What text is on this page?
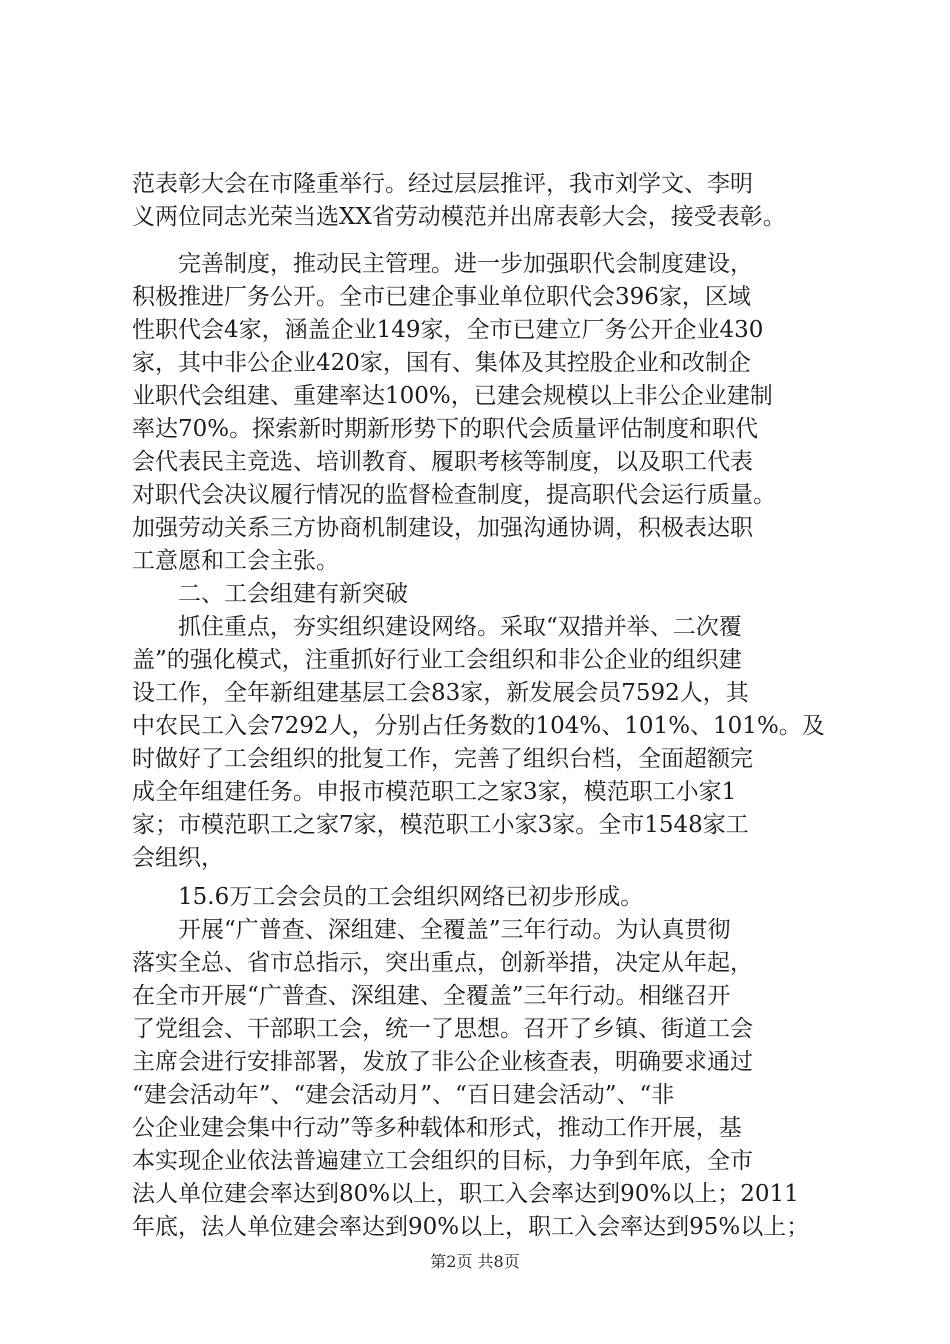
范表彰大会在市隆重举行。经过层层推评，我市刘学文、李明
义两位同志光荣当选XX省劳动模范并出席表彰大会，接受表彰。
　　完善制度，推动民主管理。进一步加强职代会制度建设，
积极推进厂务公开。全市已建企事业单位职代会396家，区域
性职代会4家，涵盖企业149家，全市已建立厂务公开企业430
家，其中非公企业420家，国有、集体及其控股企业和改制企
业职代会组建、重建率达100%，已建会规模以上非公企业建制
率达70%。探索新时期新形势下的职代会质量评估制度和职代
会代表民主竞选、培训教育、履职考核等制度，以及职工代表
对职代会决议履行情况的监督检查制度，提高职代会运行质量。
加强劳动关系三方协商机制建设，加强沟通协调，积极表达职
工意愿和工会主张。
　　二、工会组建有新突破
　　抓住重点，夯实组织建设网络。采取“双措并举、二次覆
盖”的强化模式，注重抓好行业工会组织和非公企业的组织建
设工作，全年新组建基层工会83家，新发展会员7592人，其
中农民工入会7292人，分别占任务数的104%、101%、101%。及
时做好了工会组织的批复工作，完善了组织台档，全面超额完
成全年组建任务。申报市模范职工之家3家，模范职工小家1
家；市模范职工之家7家，模范职工小家3家。全市1548家工
会组织，
　　15.6万工会会员的工会组织网络已初步形成。
　　开展“广普查、深组建、全覆盖”三年行动。为认真贯彻
落实全总、省市总指示，突出重点，创新举措，决定从年起，
在全市开展“广普查、深组建、全覆盖”三年行动。相继召开
了党组会、干部职工会，统一了思想。召开了乡镇、街道工会
主席会进行安排部署，发放了非公企业核查表，明确要求通过
“建会活动年”、“建会活动月”、“百日建会活动”、“非
公企业建会集中行动”等多种载体和形式，推动工作开展，基
本实现企业依法普遍建立工会组织的目标，力争到年底，全市
法人单位建会率达到80%以上，职工入会率达到90%以上；2011
年底，法人单位建会率达到90%以上，职工入会率达到95%以上；
第2页 共8页
